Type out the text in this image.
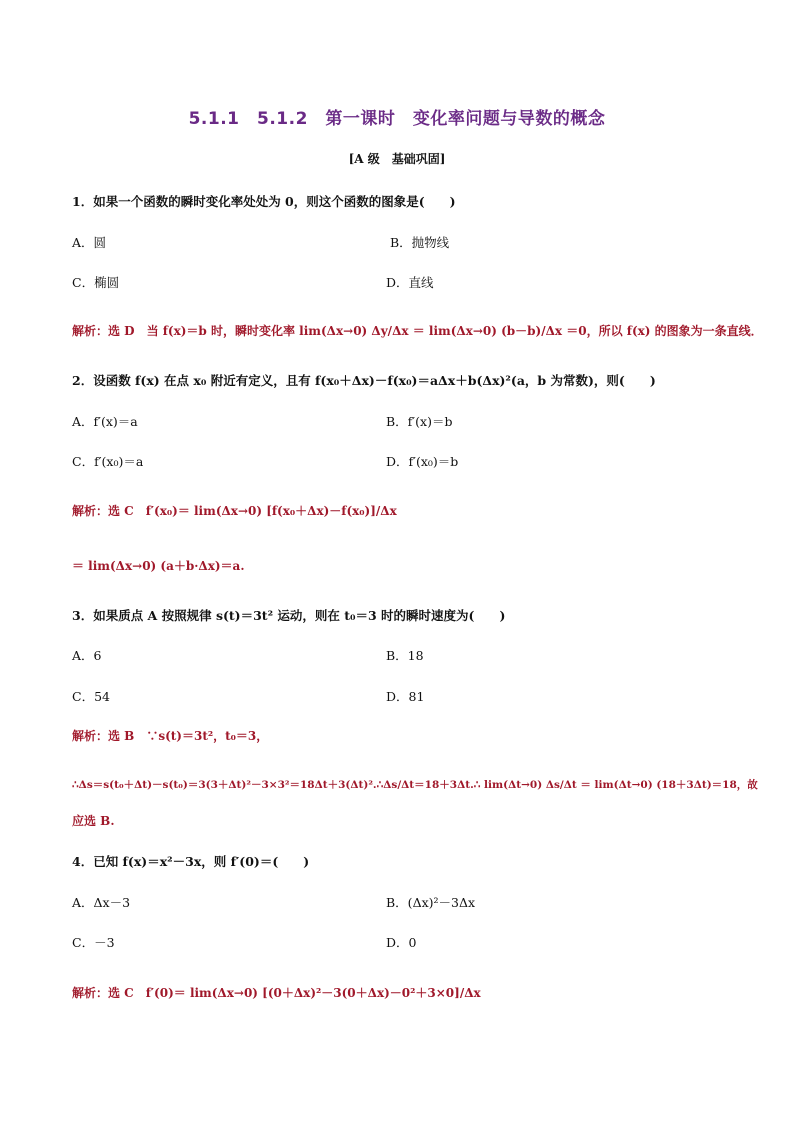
5.1.1　5.1.2　第一课时　变化率问题与导数的概念
[A 级　基础巩固]
1．如果一个函数的瞬时变化率处处为 0，则这个函数的图象是(　　)
A．圆	B．抛物线
C．椭圆	D．直线
解析：选 D　当 f(x)＝b 时，瞬时变化率 lim(Δx→0) Δy/Δx ＝ lim(Δx→0) (b－b)/Δx ＝0，所以 f(x) 的图象为一条直线．
2．设函数 f(x) 在点 x₀ 附近有定义，且有 f(x₀＋Δx)－f(x₀)＝aΔx＋b(Δx)²(a，b 为常数)，则(　　)
A．f′(x)＝a	B．f′(x)＝b
C．f′(x₀)＝a	D．f′(x₀)＝b
解析：选 C　f′(x₀)＝ lim(Δx→0) [f(x₀＋Δx)－f(x₀)]/Δx
＝ lim(Δx→0) (a＋b·Δx)＝a.
3．如果质点 A 按照规律 s(t)＝3t² 运动，则在 t₀＝3 时的瞬时速度为(　　)
A．6	B．18
C．54	D．81
解析：选 B　∵s(t)＝3t²，t₀＝3，
∴Δs＝s(t₀＋Δt)－s(t₀)＝3(3＋Δt)²－3×3²＝18Δt＋3(Δt)².∴Δs/Δt＝18＋3Δt.∴ lim(Δt→0) Δs/Δt ＝ lim(Δt→0) (18＋3Δt)＝18，故
应选 B.
4．已知 f(x)＝x²－3x，则 f′(0)＝(　　)
A．Δx－3	B．(Δx)²－3Δx
C．－3	D．0
解析：选 C　f′(0)＝ lim(Δx→0) [(0＋Δx)²－3(0＋Δx)－0²＋3×0]/Δx
